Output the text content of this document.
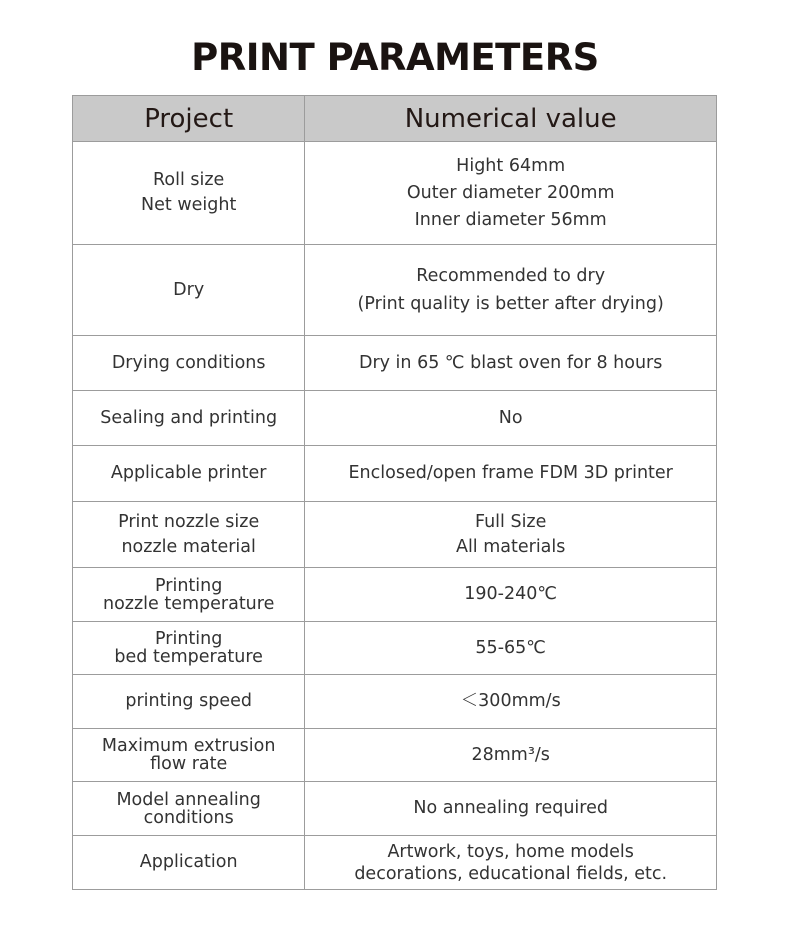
PRINT PARAMETERS
Project	Numerical value

Roll size
Net weight	Hight 64mm
Outer diameter 200mm
Inner diameter 56mm

Dry	Recommended to dry
(Print quality is better after drying)

Drying conditions	Dry in 65 ℃ blast oven for 8 hours

Sealing and printing	No

Applicable printer	Enclosed/open frame FDM 3D printer

Print nozzle size
nozzle material	Full Size
All materials

Printing
nozzle temperature	190-240℃

Printing
bed temperature	55-65℃

printing speed	＜300mm/s

Maximum extrusion
flow rate	28mm³/s

Model annealing
conditions	No annealing required

Application	Artwork, toys, home models
decorations, educational fields, etc.
